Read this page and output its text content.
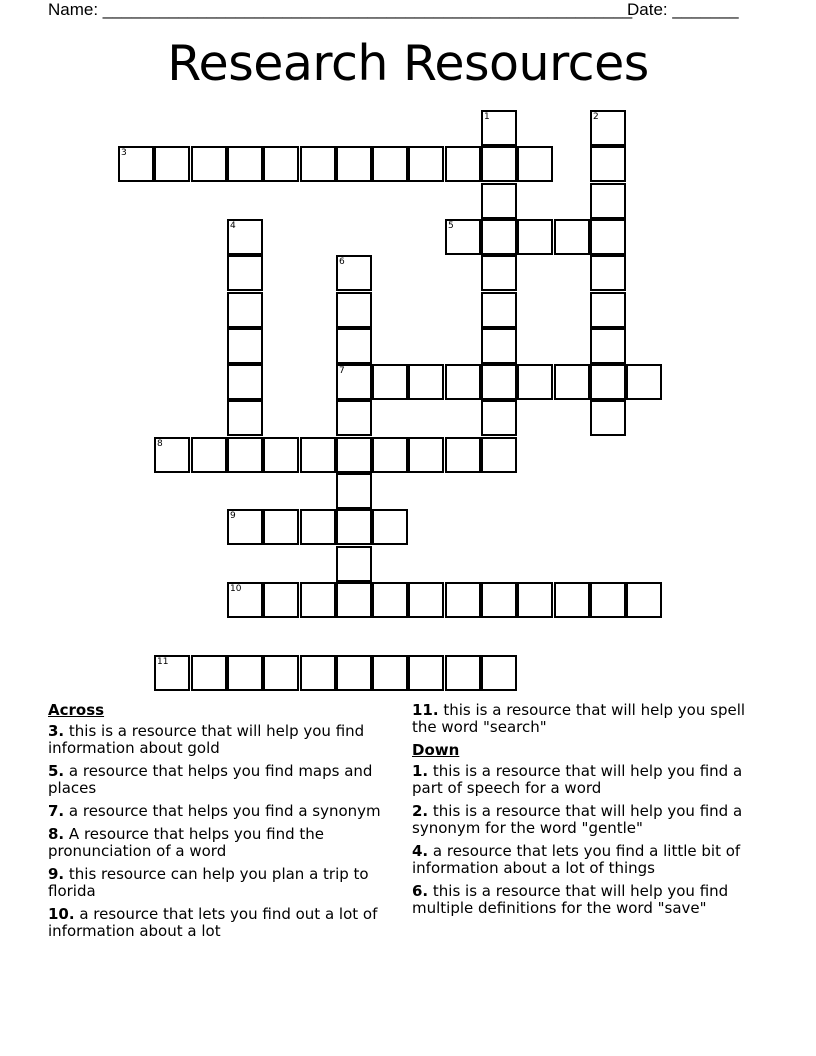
Name: ________________________________________________________
Date: _______
Research Resources
1	2
3
4	5
6
7
8
9
10
11
Across
3. this is a resource that will help you find information about gold
5. a resource that helps you find maps and places
7. a resource that helps you find a synonym
8. A resource that helps you find the pronunciation of a word
9. this resource can help you plan a trip to florida
10. a resource that lets you find out a lot of information about a lot
11. this is a resource that will help you spell the word "search"
Down
1. this is a resource that will help you find a part of speech for a word
2. this is a resource that will help you find a synonym for the word "gentle"
4. a resource that lets you find a little bit of information about a lot of things
6. this is a resource that will help you find multiple definitions for the word "save"
